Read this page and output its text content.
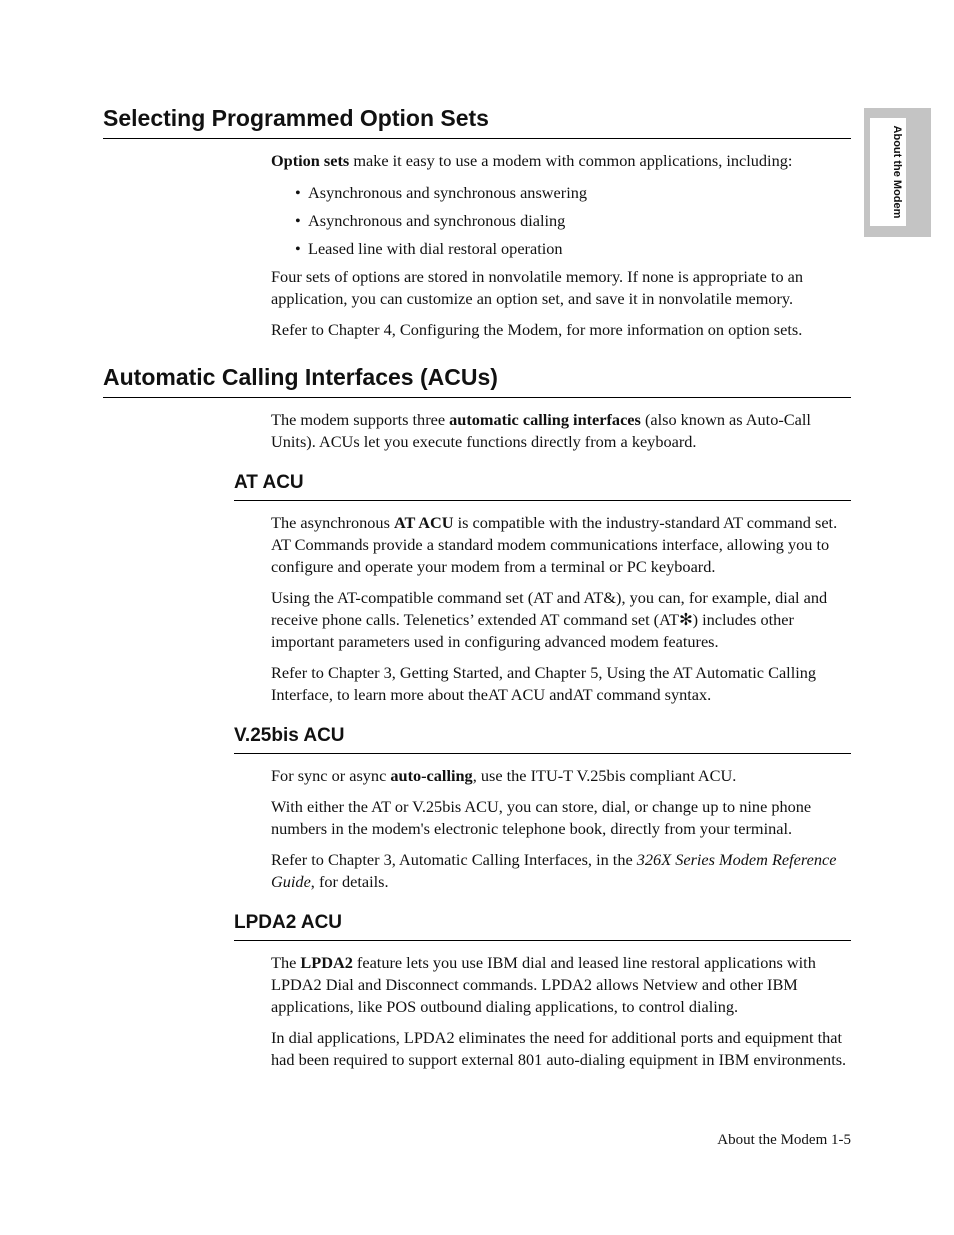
About the Modem
Selecting Programmed Option Sets

Option sets make it easy to use a modem with common applications, including:

• Asynchronous and synchronous answering

• Asynchronous and synchronous dialing

• Leased line with dial restoral operation

Four sets of options are stored in nonvolatile memory. If none is appropriate to an application, you can customize an option set, and save it in nonvolatile memory.

Refer to Chapter 4, Configuring the Modem, for more information on option sets.

Automatic Calling Interfaces (ACUs)

The modem supports three automatic calling interfaces (also known as Auto-Call Units). ACUs let you execute functions directly from a keyboard.

AT ACU

The asynchronous AT ACU is compatible with the industry-standard AT command set. AT Commands provide a standard modem communications interface, allowing you to configure and operate your modem from a terminal or PC keyboard.

Using the AT-compatible command set (AT and AT&), you can, for example, dial and receive phone calls. Telenetics’ extended AT command set (AT✻) includes other important parameters used in configuring advanced modem features.

Refer to Chapter 3, Getting Started, and Chapter 5, Using the AT Automatic Calling Interface, to learn more about theAT ACU andAT command syntax.

V.25bis ACU

For sync or async auto-calling, use the ITU-T V.25bis compliant ACU.

With either the AT or V.25bis ACU, you can store, dial, or change up to nine phone numbers in the modem's electronic telephone book, directly from your terminal.

Refer to Chapter 3, Automatic Calling Interfaces, in the 326X Series Modem Reference Guide, for details.

LPDA2 ACU

The LPDA2 feature lets you use IBM dial and leased line restoral applications with LPDA2 Dial and Disconnect commands. LPDA2 allows Netview and other IBM applications, like POS outbound dialing applications, to control dialing.

In dial applications, LPDA2 eliminates the need for additional ports and equipment that had been required to support external 801 auto-dialing equipment in IBM environments.

About the Modem 1-5
